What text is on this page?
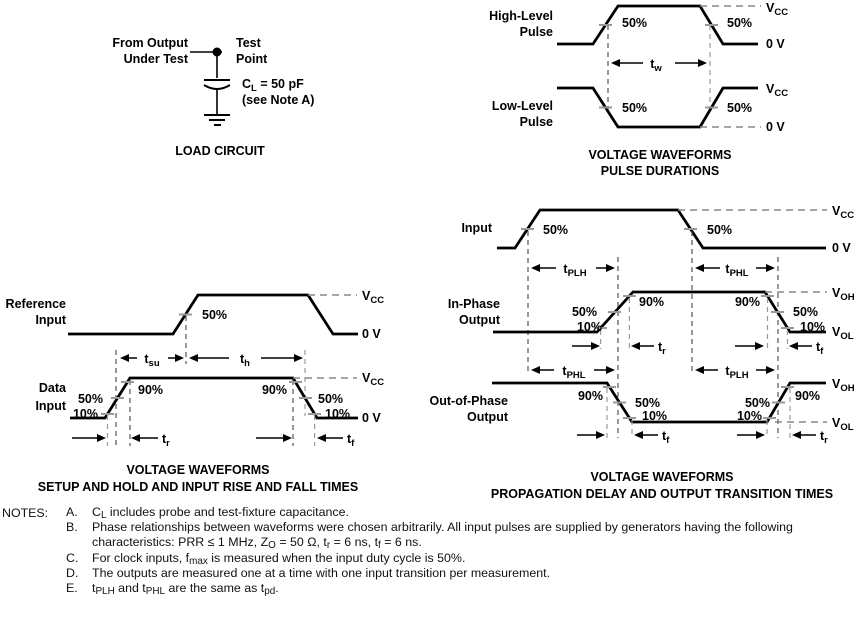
From Output
Under Test
Test
Point
$C_L = 50$ pF
(see Note A)
LOAD CIRCUIT
High-Level
Pulse
50%	50%
$V_{CC}$
0 V
$t_w$
Low-Level
Pulse
50%	50%
$V_{CC}$
0 V
VOLTAGE WAVEFORMS
PULSE DURATIONS
Reference
Input	50%
$V_{CC}$
0 V
$t_{su}$	$t_h$
Data
Input 50%
10%
90%	90%
50%
10%
$V_{CC}$
0 V
$t_r$	$t_f$
VOLTAGE WAVEFORMS
SETUP AND HOLD AND INPUT RISE AND FALL TIMES
Input	50%	50%
$V_{CC}$
0 V
$t_{PLH}$	$t_{PHL}$
In-Phase
Output
50%
10%
90%	90%
50%
10%
$V_{OH}$
$V_{OL}$
$t_r$	$t_f$
$t_{PHL}$	$t_{PLH}$
Out-of-Phase
Output
90%	50%
10%
50%
10%
90%
$V_{OH}$
$V_{OL}$
$t_f$	$t_r$
VOLTAGE WAVEFORMS
PROPAGATION DELAY AND OUTPUT TRANSITION TIMES
NOTES: A.	$C_L$ includes probe and test-fixture capacitance.
B.	Phase relationships between waveforms were chosen arbitrarily. All input pulses are supplied by generators having the following
characteristics: PRR ≤ 1 MHz, $Z_O = 50$ Ω, $t_r = 6$ ns, $t_f = 6$ ns.
C.	For clock inputs, $f_{max}$ is measured when the input duty cycle is 50%.
D.	The outputs are measured one at a time with one input transition per measurement.
E.	$t_{PLH}$ and $t_{PHL}$ are the same as $t_{pd}$.
